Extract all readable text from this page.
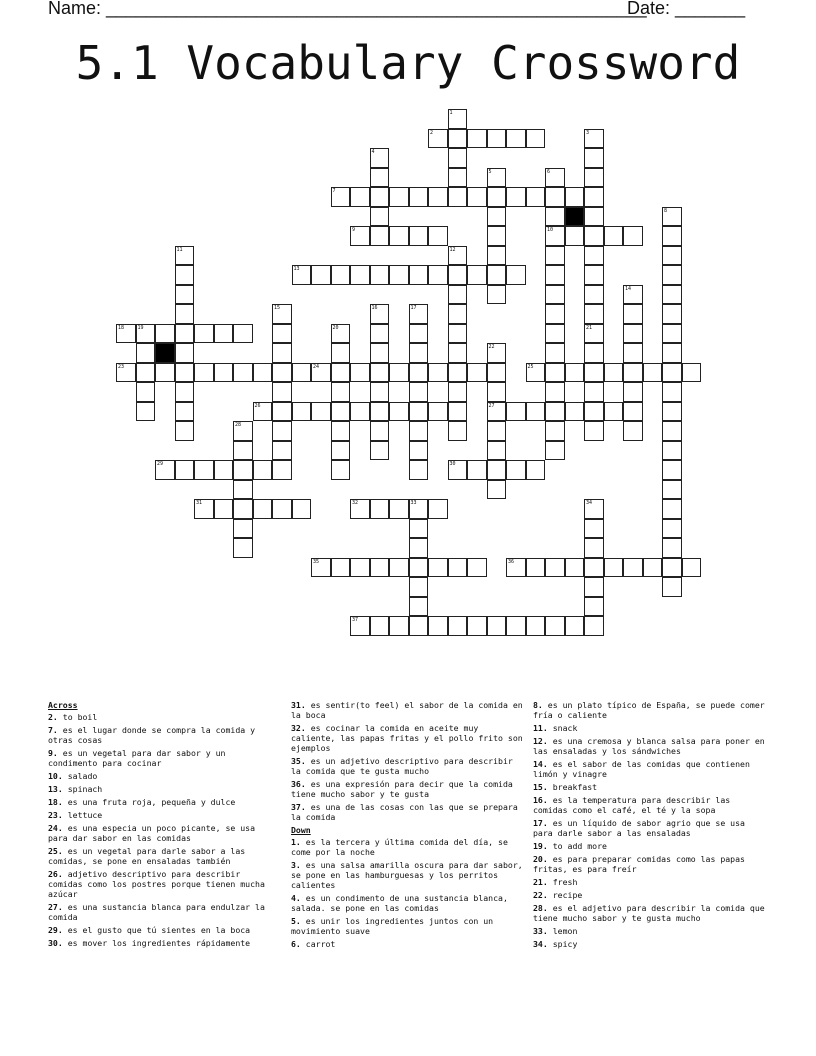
Name: ______________________________________________________
Date: _______
5.1 Vocabulary Crossword
2
7
9	10
13
18	19
23	24	25
26	27
29	30
31	32	33
35	36
37
1
3
4
5	6
8
11	12
14
15	16	17
20	21
22
28
34
Across
2. to boil
7. es el lugar donde se compra la comida y otras cosas
9. es un vegetal para dar sabor y un condimento para cocinar
10. salado
13. spinach
18. es una fruta roja, pequeña y dulce
23. lettuce
24. es una especia un poco picante, se usa para dar sabor en las comidas
25. es un vegetal para darle sabor a las comidas, se pone en ensaladas también
26. adjetivo descriptivo para describir comidas como los postres porque tienen mucha azúcar
27. es una sustancia blanca para endulzar la comida
29. es el gusto que tú sientes en la boca
30. es mover los ingredientes rápidamente
31. es sentir(to feel) el sabor de la comida en la boca
32. es cocinar la comida en aceite muy caliente, las papas fritas y el pollo frito son ejemplos
35. es un adjetivo descriptivo para describir la comida que te gusta mucho
36. es una expresión para decir que la comida tiene mucho sabor y te gusta
37. es una de las cosas con las que se prepara la comida
Down
1. es la tercera y última comida del día, se come por la noche
3. es una salsa amarilla oscura para dar sabor, se pone en las hamburguesas y los perritos calientes
4. es un condimento de una sustancia blanca, salada. se pone en las comidas
5. es unir los ingredientes juntos con un movimiento suave
6. carrot
8. es un plato típico de España, se puede comer fría o caliente
11. snack
12. es una cremosa y blanca salsa para poner en las ensaladas y los sándwiches
14. es el sabor de las comidas que contienen limón y vinagre
15. breakfast
16. es la temperatura para describir las comidas como el café, el té y la sopa
17. es un líquido de sabor agrio que se usa para darle sabor a las ensaladas
19. to add more
20. es para preparar comidas como las papas fritas, es para freír
21. fresh
22. recipe
28. es el adjetivo para describir la comida que tiene mucho sabor y te gusta mucho
33. lemon
34. spicy
